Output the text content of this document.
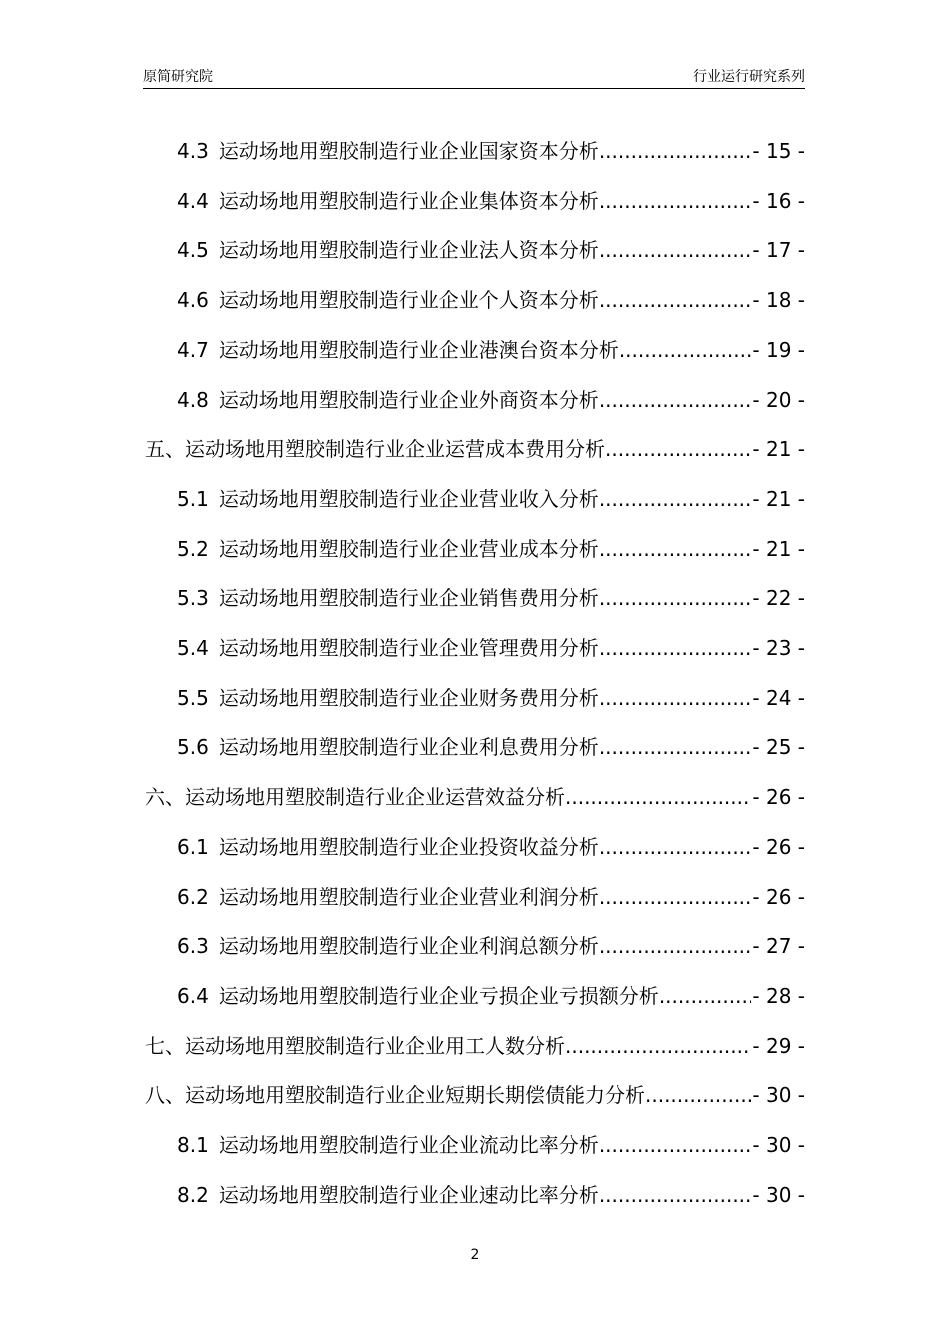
原简研究院	行业运行研究系列
4.3 运动场地用塑胶制造行业企业国家资本分析 .....	- 15 -
4.4 运动场地用塑胶制造行业企业集体资本分析 .....	- 16 -
4.5 运动场地用塑胶制造行业企业法人资本分析 .....	- 17 -
4.6 运动场地用塑胶制造行业企业个人资本分析 .....	- 18 -
4.7 运动场地用塑胶制造行业企业港澳台资本分析 .....	- 19 -
4.8 运动场地用塑胶制造行业企业外商资本分析 .....	- 20 -
五、运动场地用塑胶制造行业企业运营成本费用分析 .....	- 21 -
5.1 运动场地用塑胶制造行业企业营业收入分析 .....	- 21 -
5.2 运动场地用塑胶制造行业企业营业成本分析 .....	- 21 -
5.3 运动场地用塑胶制造行业企业销售费用分析 .....	- 22 -
5.4 运动场地用塑胶制造行业企业管理费用分析 .....	- 23 -
5.5 运动场地用塑胶制造行业企业财务费用分析 .....	- 24 -
5.6 运动场地用塑胶制造行业企业利息费用分析 .....	- 25 -
六、运动场地用塑胶制造行业企业运营效益分析 .....	- 26 -
6.1 运动场地用塑胶制造行业企业投资收益分析 .....	- 26 -
6.2 运动场地用塑胶制造行业企业营业利润分析 .....	- 26 -
6.3 运动场地用塑胶制造行业企业利润总额分析 .....	- 27 -
6.4 运动场地用塑胶制造行业企业亏损企业亏损额分析 .....	- 28 -
七、运动场地用塑胶制造行业企业用工人数分析 .....	- 29 -
八、运动场地用塑胶制造行业企业短期长期偿债能力分析 .....	- 30 -
8.1 运动场地用塑胶制造行业企业流动比率分析 .....	- 30 -
8.2 运动场地用塑胶制造行业企业速动比率分析 .....	- 30 -
2
